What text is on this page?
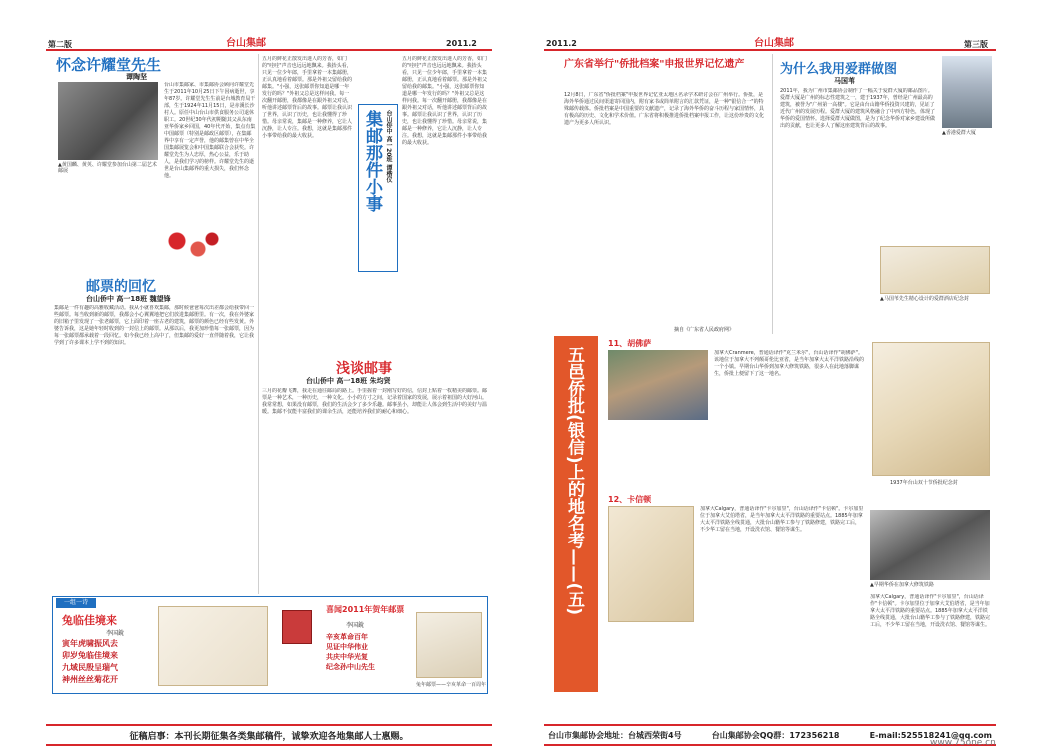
第二版	台山集邮	2011.2
怀念许耀堂先生
谭陶坚
▲黄国麟、黄英、许耀堂参加台山第二届艺术邮展
台山市集邮家、市集邮协会顾问许耀堂先生于2011年10月25日下午因病逝世，享年87岁。许耀堂先生生前是台城教育局干部，生于1924年11月15日，是赤溪长沙村人。原任中山台山市供食服务公司退休职工。20世纪30年代初期随其父从东南亚华侨家乡回国，40年代开始，集点有集中国邮票（特别是邮政区邮票），在集邮界中享有一定声誉，他的邮集曾在中华全国集邮展览会和中国集邮联合会获奖。许耀堂先生为人忠厚，热心公益，乐于助人，是我们学习的榜样。许耀堂先生的逝世是台山集邮界的重大损失，我们怀念他。
邮票的回忆
台山侨中 高一18班 魏望锋
集邮是一件有趣的高雅收藏活动。我从小就喜欢集邮，那时候爸爸每次出差都会给我带回一些邮票。每当收到新的邮票，我都会小心翼翼地把它们放进集邮册里。有一次，我在外婆家的旧箱子里发现了一张老邮票，它上面印着一座古老的建筑，邮票的颜色已经有些发黄。外婆告诉我，这是她年轻时收到的一封信上的邮票。从那以后，我更加珍惜每一张邮票，因为每一张邮票都承载着一段回忆。如今我已经上高中了，但集邮的爱好一直伴随着我，它让我学到了许多课本上学不到的知识。
五月的鲜花正散发出迷人的芳香，如门的"哇哇"声音也远远地飘来。我抬头看，只见一位少年郎，手里拿着一本集邮册，正认真地看着邮票。那是外祖父留给我的邮集。"小强，这张邮票你知道是哪一年发行的吗？"外祖父总是这样问我。每一次翻开邮册，我都像是在跟外祖父对话，听他讲述邮票背后的故事。邮票让我认识了世界，认识了历史，也让我懂得了珍惜。母亲常说，集邮是一种修养，它让人沉静，让人专注。我想，这就是集邮那件小事带给我的最大收获。	集邮那件小事 台山侨中 高一20班 谭楷仪
五月的鲜花正散发出迷人的芳香，如门的"哇哇"声音也远远地飘来。我抬头看，只见一位少年郎，手里拿着一本集邮册，正认真地看着邮票。那是外祖父留给我的邮集。"小强，这张邮票你知道是哪一年发行的吗？"外祖父总是这样问我。每一次翻开邮册，我都像是在跟外祖父对话，听他讲述邮票背后的故事。邮票让我认识了世界，认识了历史，也让我懂得了珍惜。母亲常说，集邮是一种修养，它让人沉静，让人专注。我想，这就是集邮那件小事带给我的最大收获。
浅谈邮事
台山侨中 高一18班 朱均贤
三月的花瓣飞舞，我走在通往邮局的路上。手里握着一封刚写好的信，信封上贴着一枚精美的邮票。邮票是一种艺术，一种历史，一种文化。小小的方寸之间，记录着国家的发展，展示着祖国的大好河山。我常常想，如果没有邮票，我们的生活会少了多少乐趣。邮事虽小，却能让人体会到生活中的美好与温暖。集邮不仅能丰富我们的课余生活，还能培养我们的耐心和细心。
一组一诗
兔临佳境来
李国銳
寅年虎啸振风去
卯岁兔临佳境来
九域民殷呈瑞气
神州丝丝菊花开
喜闻2011年贺年邮票
李国銳
辛亥革命百年
见证中华伟业
共庆中华光复
纪念孙中山先生
兔年邮票——辛亥革命一百周年
征稿启事：本刊长期征集各类集邮稿件，诚挚欢迎各地集邮人士惠赐。
2011.2	台山集邮	第三版
广东省举行"侨批档案"申报世界记忆遗产
12月8日，广东省"侨批档案"申报世界记忆亚太地区名录学术研讨会在广州举行。侨批，是海外华侨通过民间渠道寄回国内，附有家书或简单附言的汇款凭证，是一种"银信合一"的特殊邮传载体。侨批档案是中国重要的文献遗产，记录了海外华侨的奋斗历程与家国情怀，具有极高的历史、文化和学术价值。广东省将积极推进侨批档案申报工作，让这份珍贵的文化遗产为更多人所认识。
摘自《广东省人民政府网》
为什么我用爱群做图
马国苇
▲香港爱群大厦
2011年，我为广州市集邮协会制作了一幅关于爱群大厦的邮品图片。爱群大厦是广州的标志性建筑之一，建于1937年，曾经是广州最高的建筑，被誉为"广州第一高楼"。它是由台山籍华侨投资兴建的，见证了近代广州的发展历程。爱群大厦的建筑风格融合了中西方特色，体现了华侨的爱国情怀。选择爱群大厦做图，是为了纪念华侨对家乡建设所做出的贡献，也让更多人了解这座建筑背后的故事。
▲马国苇先生精心设计的爱群酒店纪念封
五邑侨批(银信)上的地名考——(五)
11、胡佛萨
加拿大Cranmere，普通话译作"克兰米尔"，台山话译作"胡佛萨"。该地位于加拿大不列颠哥伦比亚省，是当年加拿大太平洋铁路沿线的一个小镇。早期台山华侨到加拿大修筑铁路，很多人在此地落脚谋生，侨批上便留下了这一地名。
1937年台山双十节侨批纪念封
12、卡信顿
加拿大Calgary，普通话译作"卡尔加里"，台山话译作"卡信顿"。卡尔加里位于加拿大艾伯塔省，是当年加拿大太平洋铁路的重要站点。1885年加拿大太平洋铁路全线贯通，大批台山籍华工参与了铁路修建，铁路完工后，不少华工留在当地，开设洗衣馆、餐馆等谋生。
▲早期华侨在加拿大修筑铁路
加拿大Calgary，普通话译作"卡尔加里"，台山话译作"卡信顿"。卡尔加里位于加拿大艾伯塔省，是当年加拿大太平洋铁路的重要站点。1885年加拿大太平洋铁路全线贯通，大批台山籍华工参与了铁路修建，铁路完工后，不少华工留在当地，开设洗衣馆、餐馆等谋生。
台山市集邮协会地址：台城西荣街4号	台山集邮协会QQ群：172356218	E-mail:525518241@qq.com
www.75one.cn
